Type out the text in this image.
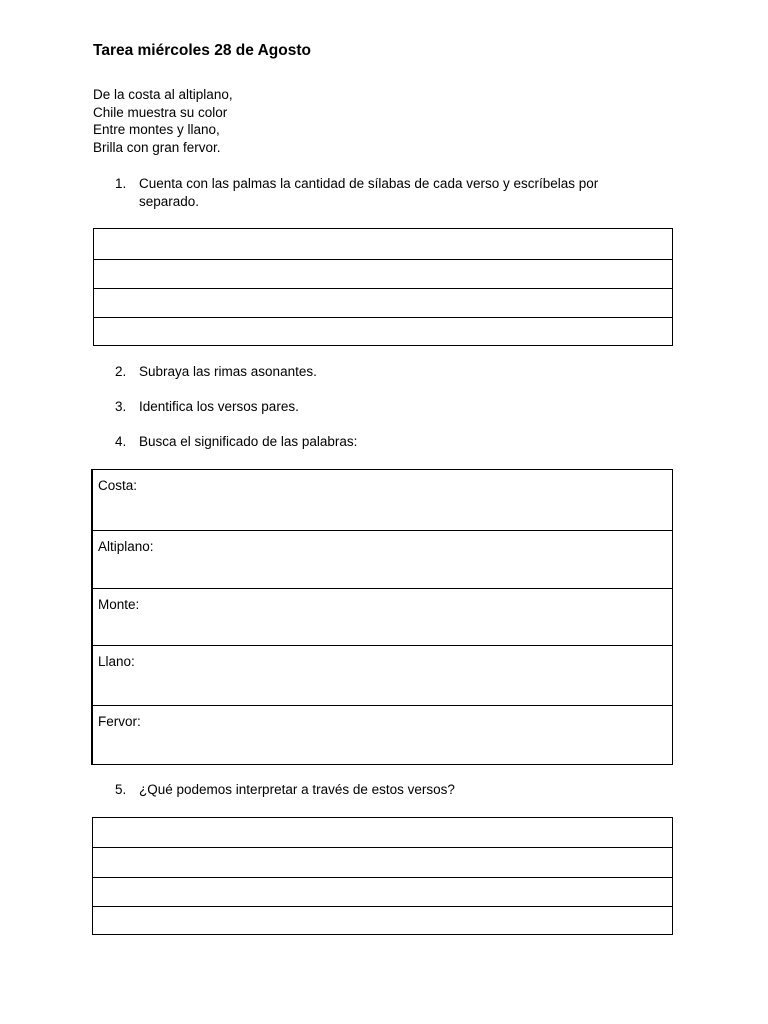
Tarea miércoles 28 de Agosto
De la costa al altiplano,
Chile muestra su color
Entre montes y llano,
Brilla con gran fervor.
1. Cuenta con las palmas la cantidad de sílabas de cada verso y escríbelas por separado.
2. Subraya las rimas asonantes.
3. Identifica los versos pares.
4. Busca el significado de las palabras:
Costa:
Altiplano:
Monte:
Llano:
Fervor:
5. ¿Qué podemos interpretar a través de estos versos?
